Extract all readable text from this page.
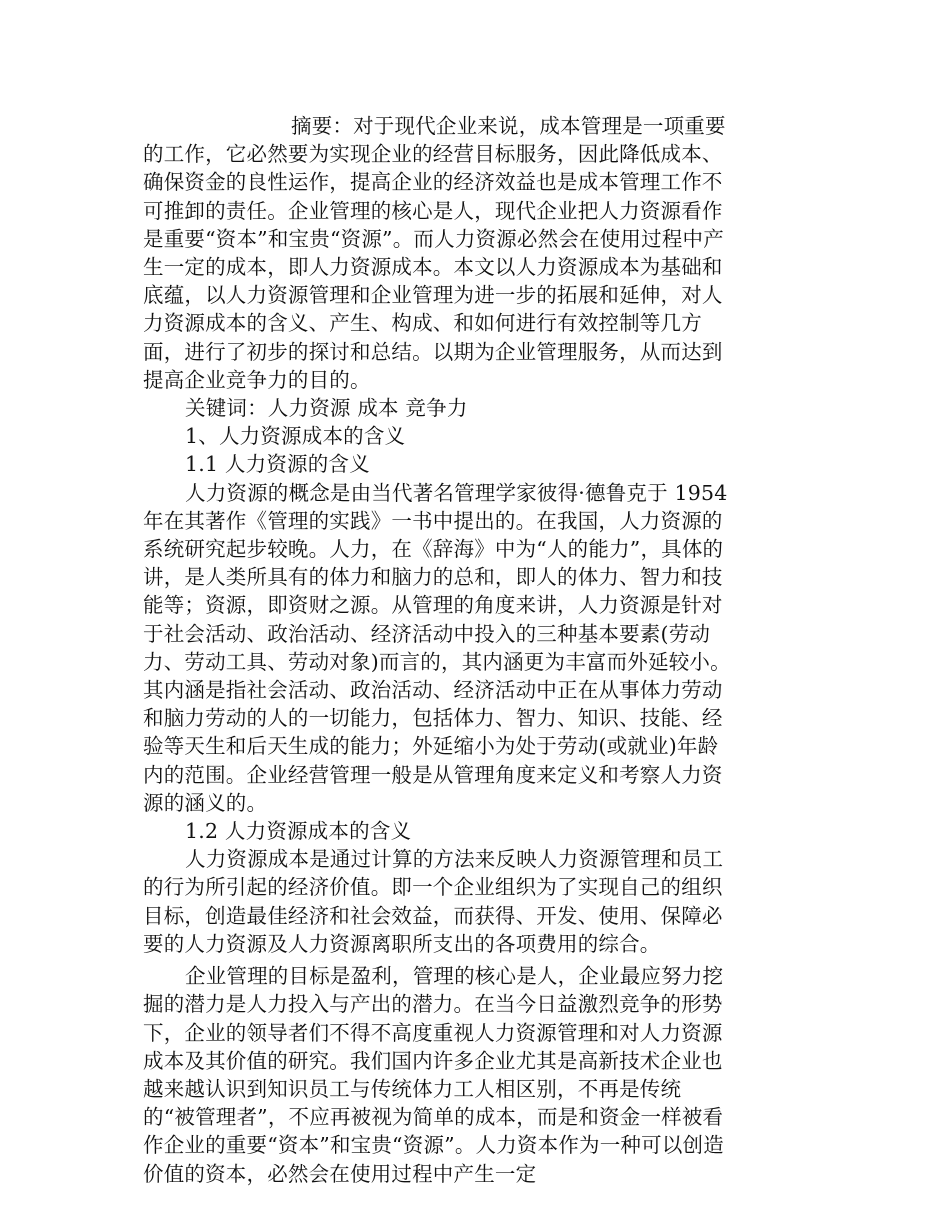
摘要：对于现代企业来说，成本管理是一项重要的工作，它必然要为实现企业的经营目标服务，因此降低成本、确保资金的良性运作，提高企业的经济效益也是成本管理工作不可推卸的责任。企业管理的核心是人，现代企业把人力资源看作是重要“资本”和宝贵“资源”。而人力资源必然会在使用过程中产生一定的成本，即人力资源成本。本文以人力资源成本为基础和底蕴，以人力资源管理和企业管理为进一步的拓展和延伸，对人力资源成本的含义、产生、构成、和如何进行有效控制等几方面，进行了初步的探讨和总结。以期为企业管理服务，从而达到提高企业竞争力的目的。

关键词：人力资源 成本 竞争力

1、人力资源成本的含义

1.1 人力资源的含义

人力资源的概念是由当代著名管理学家彼得·德鲁克于 1954 年在其著作《管理的实践》一书中提出的。在我国，人力资源的系统研究起步较晚。人力，在《辞海》中为“人的能力”，具体的讲，是人类所具有的体力和脑力的总和，即人的体力、智力和技能等；资源，即资财之源。从管理的角度来讲，人力资源是针对于社会活动、政治活动、经济活动中投入的三种基本要素(劳动力、劳动工具、劳动对象)而言的，其内涵更为丰富而外延较小。其内涵是指社会活动、政治活动、经济活动中正在从事体力劳动和脑力劳动的人的一切能力，包括体力、智力、知识、技能、经验等天生和后天生成的能力；外延缩小为处于劳动(或就业)年龄内的范围。企业经营管理一般是从管理角度来定义和考察人力资源的涵义的。

1.2 人力资源成本的含义

人力资源成本是通过计算的方法来反映人力资源管理和员工的行为所引起的经济价值。即一个企业组织为了实现自己的组织目标，创造最佳经济和社会效益，而获得、开发、使用、保障必要的人力资源及人力资源离职所支出的各项费用的综合。

企业管理的目标是盈利，管理的核心是人，企业最应努力挖掘的潜力是人力投入与产出的潜力。在当今日益激烈竞争的形势下，企业的领导者们不得不高度重视人力资源管理和对人力资源成本及其价值的研究。我们国内许多企业尤其是高新技术企业也越来越认识到知识员工与传统体力工人相区别，不再是传统的“被管理者”，不应再被视为简单的成本，而是和资金一样被看作企业的重要“资本”和宝贵“资源”。人力资本作为一种可以创造价值的资本，必然会在使用过程中产生一定
